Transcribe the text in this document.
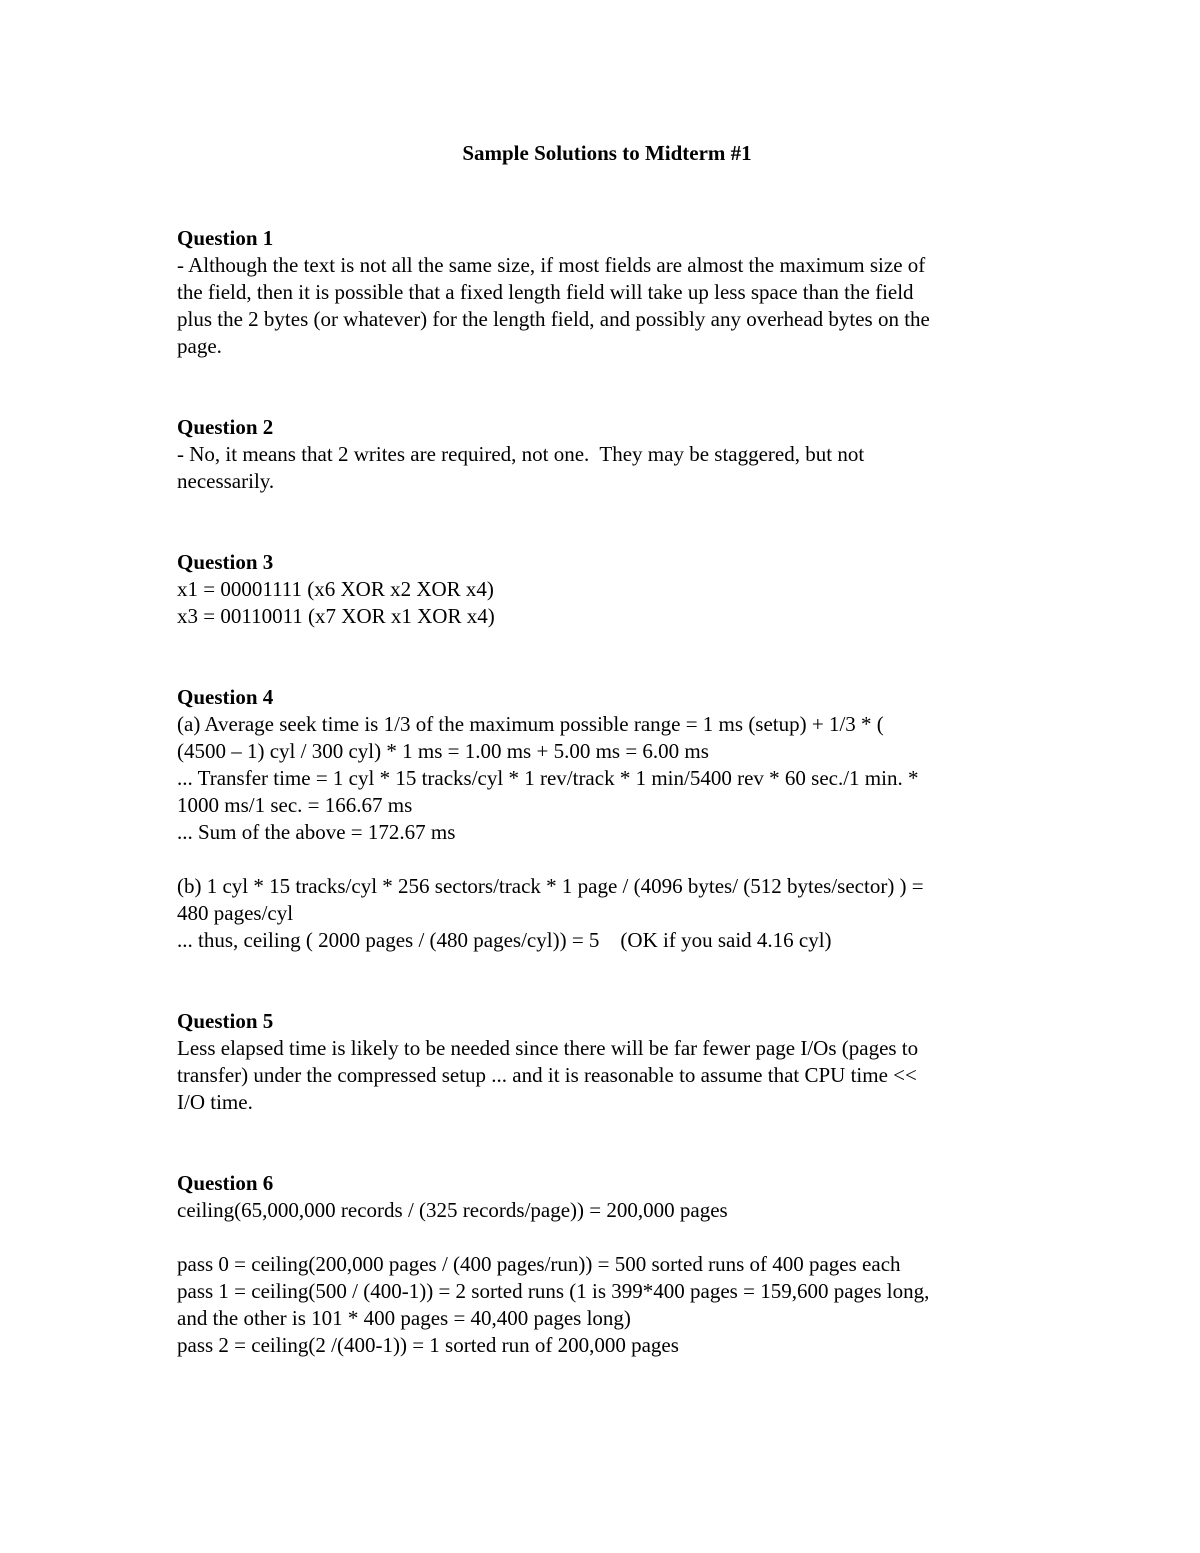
Sample Solutions to Midterm #1
Question 1
- Although the text is not all the same size, if most fields are almost the maximum size of
the field, then it is possible that a fixed length field will take up less space than the field
plus the 2 bytes (or whatever) for the length field, and possibly any overhead bytes on the
page.
Question 2
- No, it means that 2 writes are required, not one.  They may be staggered, but not
necessarily.
Question 3
x1 = 00001111 (x6 XOR x2 XOR x4)
x3 = 00110011 (x7 XOR x1 XOR x4)
Question 4
(a) Average seek time is 1/3 of the maximum possible range = 1 ms (setup) + 1/3 * (
(4500 – 1) cyl / 300 cyl) * 1 ms = 1.00 ms + 5.00 ms = 6.00 ms
... Transfer time = 1 cyl * 15 tracks/cyl * 1 rev/track * 1 min/5400 rev * 60 sec./1 min. *
1000 ms/1 sec. = 166.67 ms
... Sum of the above = 172.67 ms
(b) 1 cyl * 15 tracks/cyl * 256 sectors/track * 1 page / (4096 bytes/ (512 bytes/sector) ) =
480 pages/cyl
... thus, ceiling ( 2000 pages / (480 pages/cyl)) = 5    (OK if you said 4.16 cyl)
Question 5
Less elapsed time is likely to be needed since there will be far fewer page I/Os (pages to
transfer) under the compressed setup ... and it is reasonable to assume that CPU time <<
I/O time.
Question 6
ceiling(65,000,000 records / (325 records/page)) = 200,000 pages
pass 0 = ceiling(200,000 pages / (400 pages/run)) = 500 sorted runs of 400 pages each
pass 1 = ceiling(500 / (400-1)) = 2 sorted runs (1 is 399*400 pages = 159,600 pages long,
and the other is 101 * 400 pages = 40,400 pages long)
pass 2 = ceiling(2 /(400-1)) = 1 sorted run of 200,000 pages
